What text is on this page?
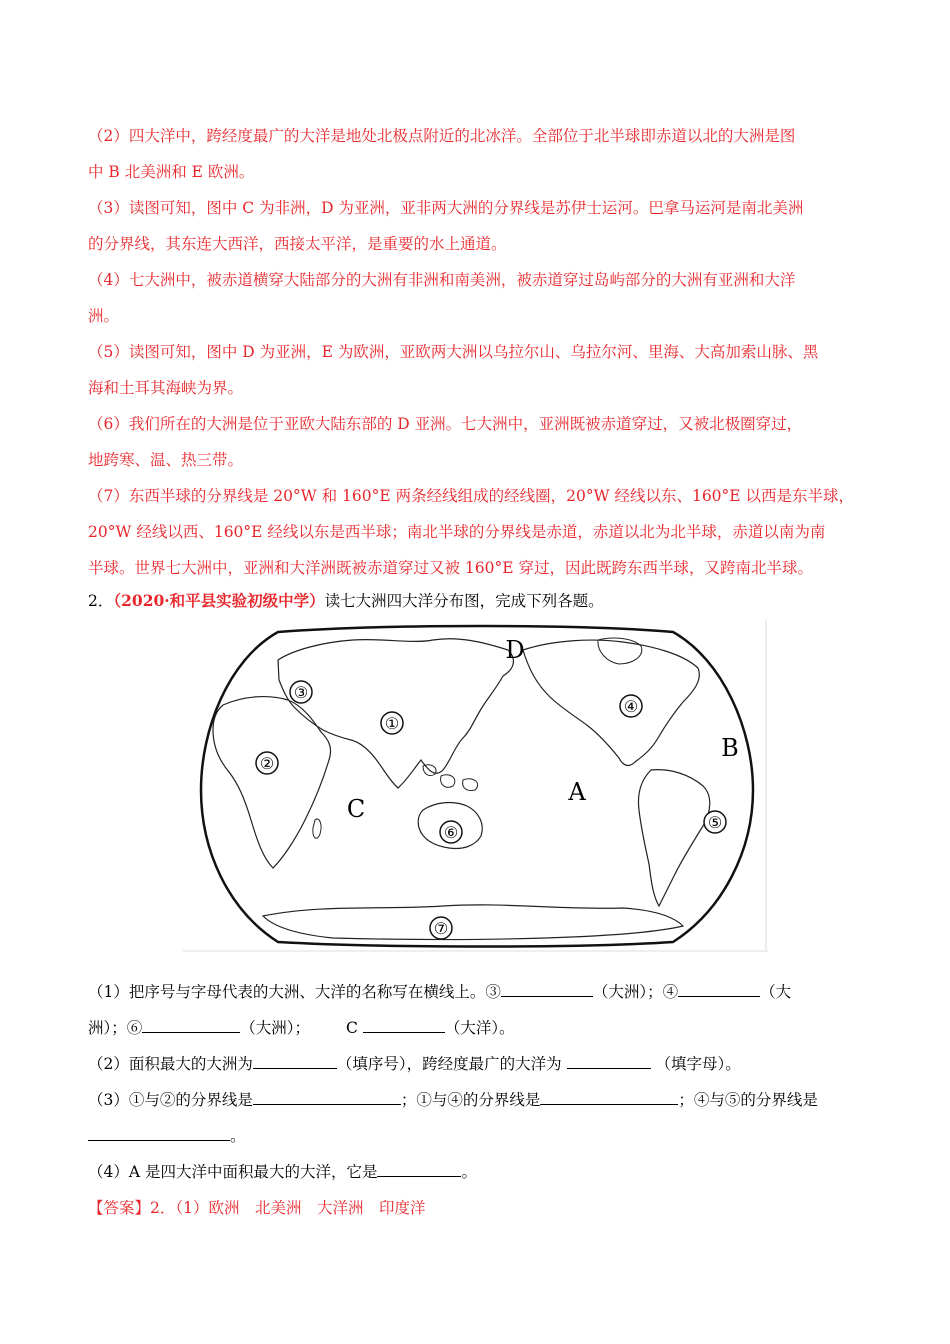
（2）四大洋中，跨经度最广的大洋是地处北极点附近的北冰洋。全部位于北半球即赤道以北的大洲是图
中 B 北美洲和 E 欧洲。
（3）读图可知，图中 C 为非洲，D 为亚洲，亚非两大洲的分界线是苏伊士运河。巴拿马运河是南北美洲
的分界线，其东连大西洋，西接太平洋，是重要的水上通道。
（4）七大洲中，被赤道横穿大陆部分的大洲有非洲和南美洲，被赤道穿过岛屿部分的大洲有亚洲和大洋
洲。
（5）读图可知，图中 D 为亚洲，E 为欧洲，亚欧两大洲以乌拉尔山、乌拉尔河、里海、大高加索山脉、黑
海和土耳其海峡为界。
（6）我们所在的大洲是位于亚欧大陆东部的 D 亚洲。七大洲中，亚洲既被赤道穿过，又被北极圈穿过，
地跨寒、温、热三带。
（7）东西半球的分界线是 20°W 和 160°E 两条经线组成的经线圈，20°W 经线以东、160°E 以西是东半球，
20°W 经线以西、160°E 经线以东是西半球；南北半球的分界线是赤道，赤道以北为北半球，赤道以南为南
半球。世界七大洲中，亚洲和大洋洲既被赤道穿过又被 160°E 穿过，因此既跨东西半球，又跨南北半球。
2．（2020·和平县实验初级中学）读七大洲四大洋分布图，完成下列各题。
③
①
②
④
⑤
⑥
⑦
D
B
A
C
（1）把序号与字母代表的大洲、大洋的名称写在横线上。③	（大洲）；④	（大
洲）；⑥	（大洲）； C	（大洋）。
（2）面积最大的大洲为	（填序号），跨经度最广的大洋为	（填字母）。
（3）①与②的分界线是	；①与④的分界线是	；④与⑤的分界线是
。
（4）A 是四大洋中面积最大的大洋，它是	。
【答案】2．（1）欧洲　北美洲　大洋洲　印度洋
